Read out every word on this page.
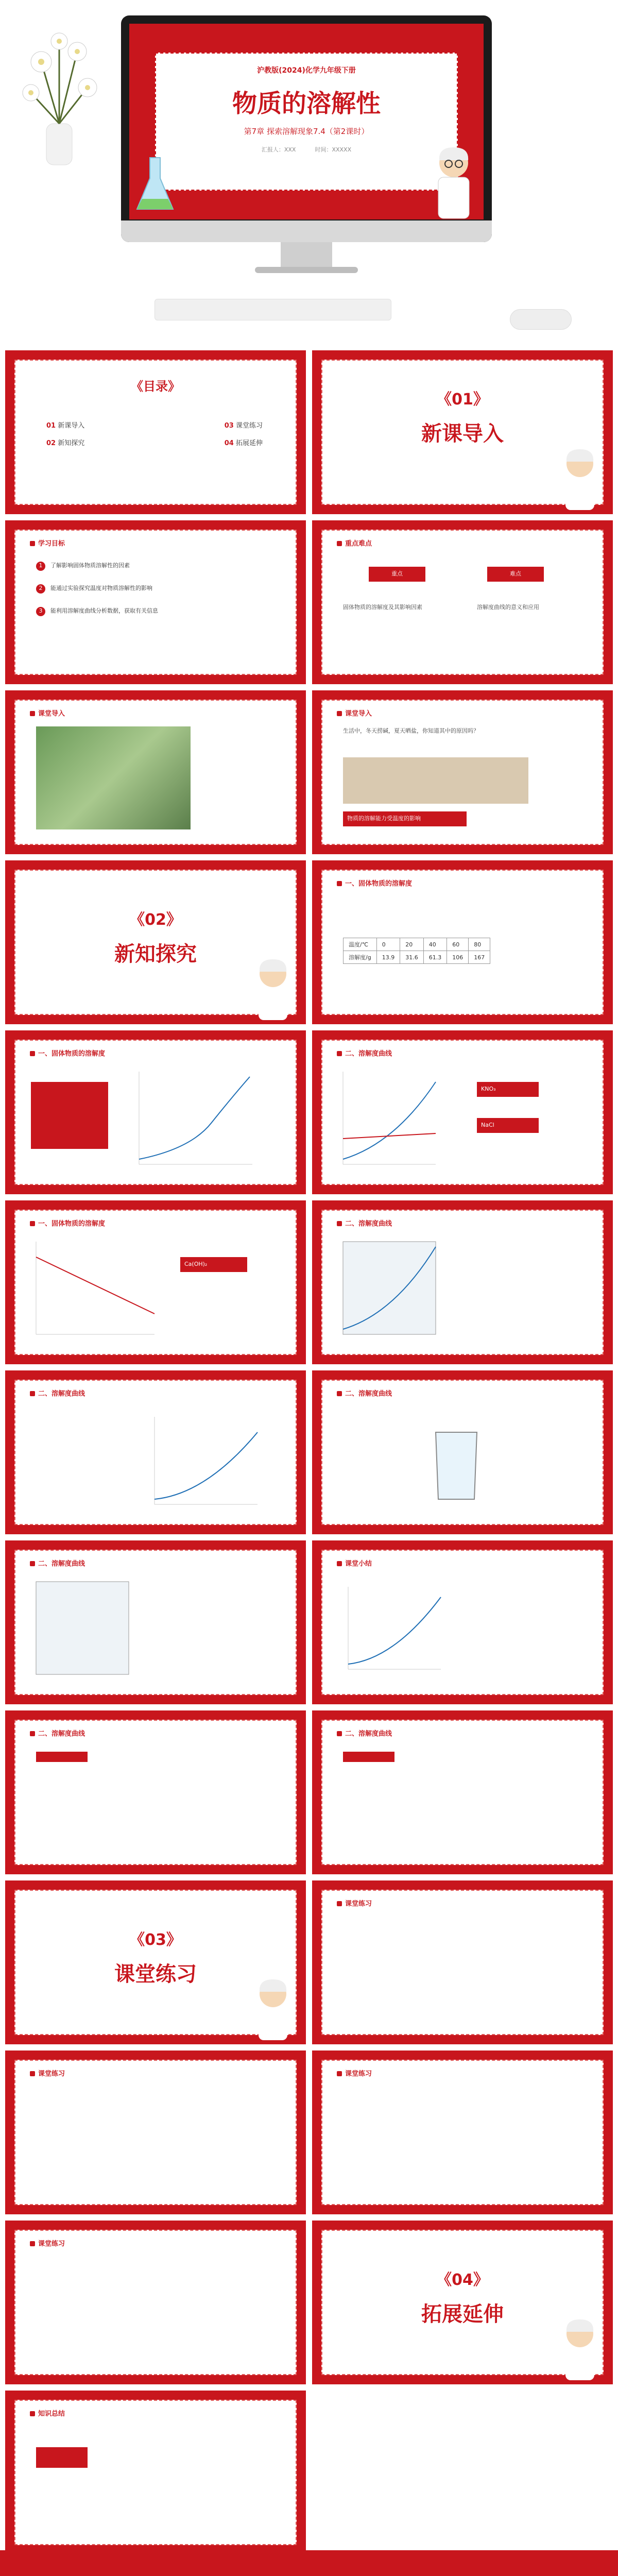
沪教版(2024)化学九年级下册
物质的溶解性
第7章 探索溶解现象7.4（第2课时）
汇报人：XXX	时间：XXXXX
《目录》
01 新课导入	03 课堂练习
02 新知探究	04 拓展延伸
《01》
新课导入
学习目标
1 了解影响固体物质溶解性的因素
2 能通过实验探究温度对物质溶解性的影响
3 能利用溶解度曲线分析数据，获取有关信息
重点难点
重点	难点
固体物质的溶解度及其影响因素	溶解度曲线的意义和应用
课堂导入	课堂导入
生活中，冬天捞碱，夏天晒盐，你知道其中的原因吗？
物质的溶解能力受温度的影响
《02》
新知探究
一、固体物质的溶解度
温度/℃	0	20	40	60	80
溶解度/g	13.9	31.6	61.3	106	167
一、固体物质的溶解度	二、溶解度曲线
KNO₃
NaCl
一、固体物质的溶解度
Ca(OH)₂
二、溶解度曲线
二、溶解度曲线	二、溶解度曲线
二、溶解度曲线	课堂小结
二、溶解度曲线	二、溶解度曲线
《03》
课堂练习
课堂练习
课堂练习	课堂练习
课堂练习
《04》
拓展延伸
知识总结
